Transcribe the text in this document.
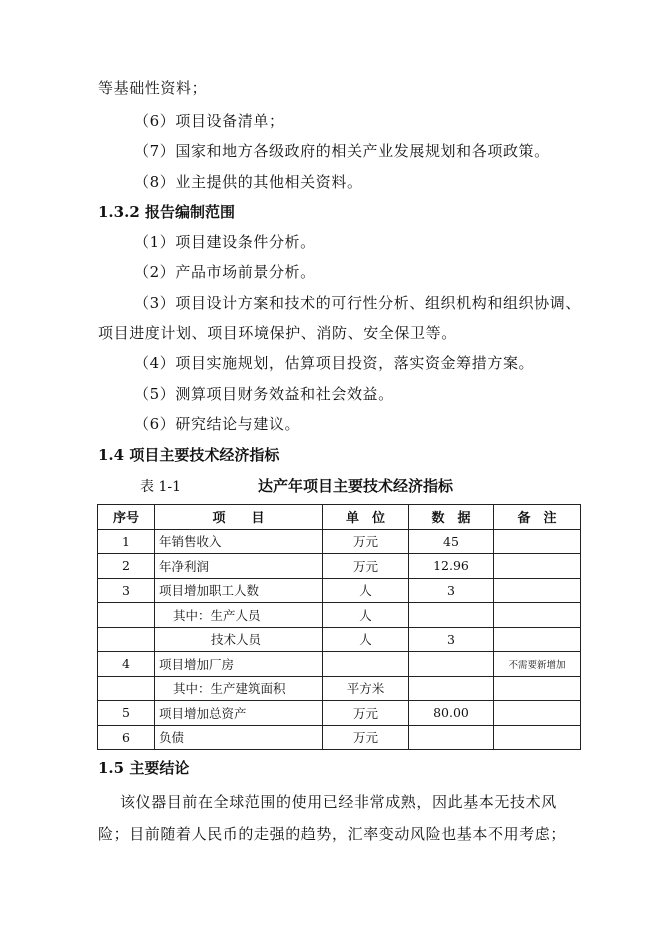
等基础性资料；
（6）项目设备清单；
（7）国家和地方各级政府的相关产业发展规划和各项政策。
（8）业主提供的其他相关资料。
1.3.2 报告编制范围
（1）项目建设条件分析。
（2）产品市场前景分析。
（3）项目设计方案和技术的可行性分析、组织机构和组织协调、
项目进度计划、项目环境保护、消防、安全保卫等。
（4）项目实施规划，估算项目投资，落实资金筹措方案。
（5）测算项目财务效益和社会效益。
（6）研究结论与建议。
1.4 项目主要技术经济指标
表 1-1	达产年项目主要技术经济指标
序号	项　　目	单　位	数　据	备　注
1	年销售收入	万元	45	
2	年净利润	万元	12.96	
3	项目增加职工人数	人	3	
	其中：生产人员	人		
	技术人员	人	3	
4	项目增加厂房			不需要新增加
	其中：生产建筑面积	平方米		
5	项目增加总资产	万元	80.00	
6	负债	万元		
1.5 主要结论
该仪器目前在全球范围的使用已经非常成熟，因此基本无技术风
险；目前随着人民币的走强的趋势，汇率变动风险也基本不用考虑；
